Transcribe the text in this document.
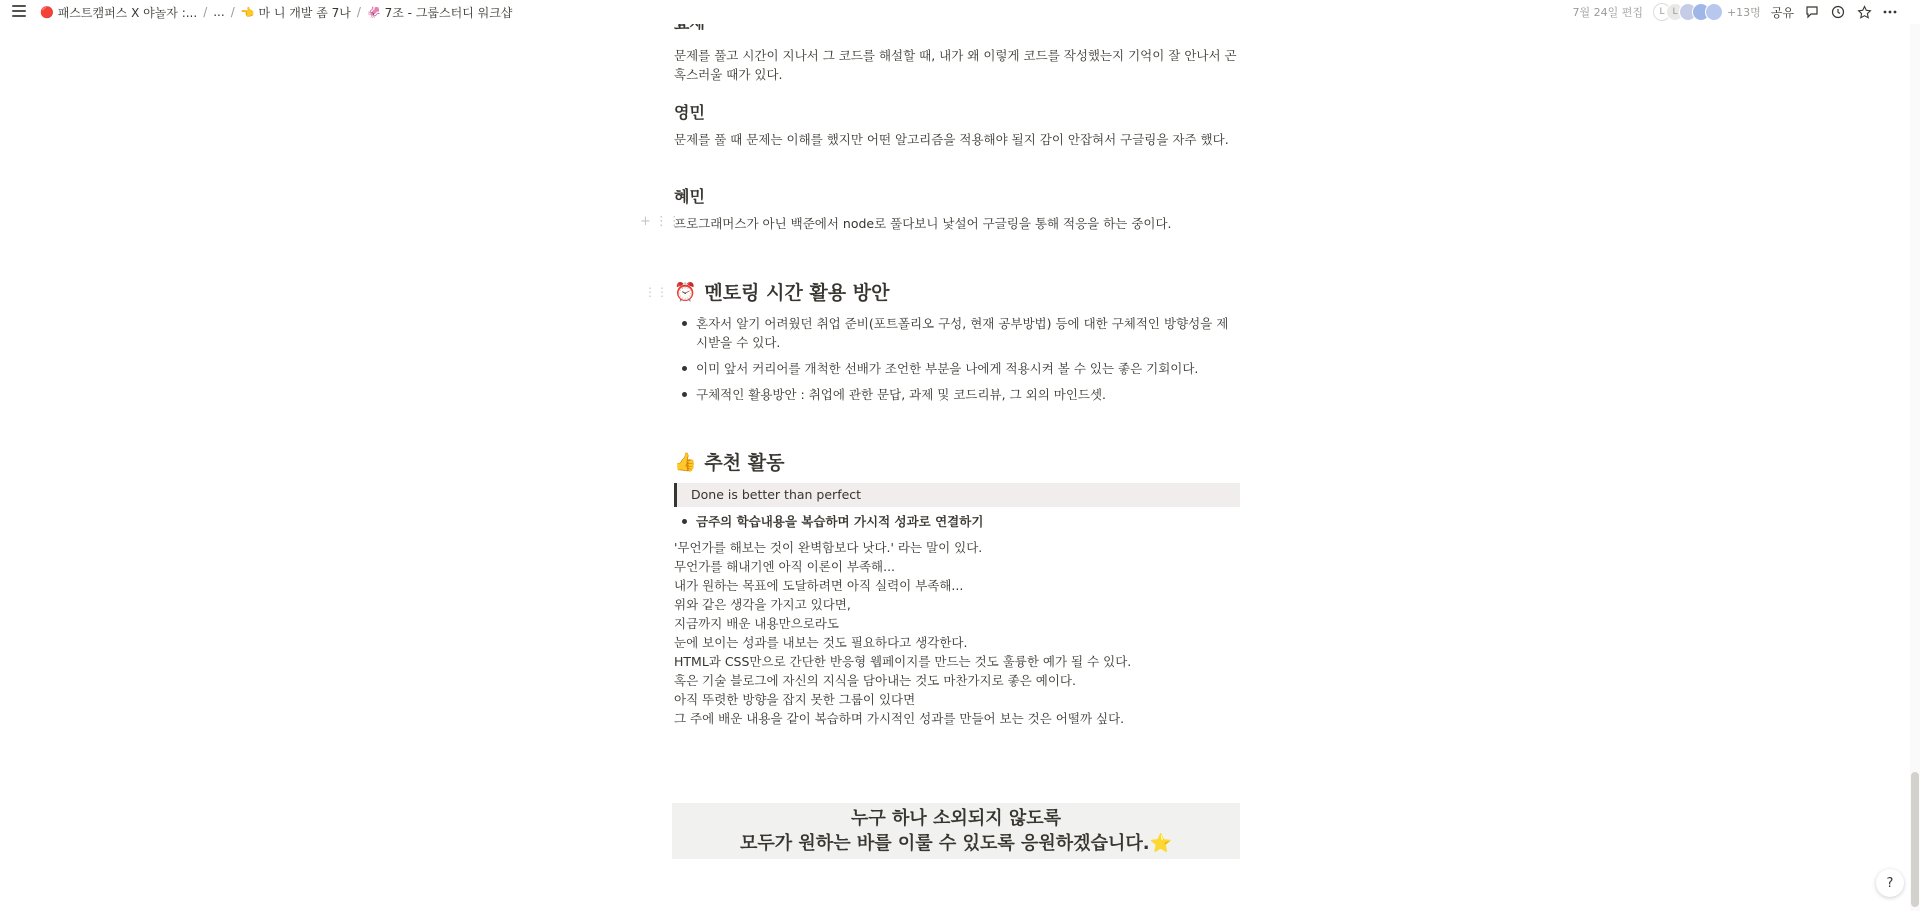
🔴 패스트캠퍼스 X 야놀자 :... / ... / 👈 마 니 개발 좀 7나 / 🦑 7조 - 그룹스터디 워크샵	7월 24일 편집	L L	+13명 공유
+ ⋮⋮
⋮⋮
문제를 풀고 시간이 지나서 그 코드를 해설할 때, 내가 왜 이렇게 코드를 작성했는지 기억이 잘 안나서 곤혹스러울 때가 있다.
영민
문제를 풀 때 문제는 이해를 했지만 어떤 알고리즘을 적용해야 될지 감이 안잡혀서 구글링을 자주 했다.
혜민
프로그래머스가 아닌 백준에서 node로 풀다보니 낯설어 구글링을 통해 적응을 하는 중이다.
⏰ 멘토링 시간 활용 방안
혼자서 알기 어려웠던 취업 준비(포트폴리오 구성, 현재 공부방법) 등에 대한 구체적인 방향성을 제시받을 수 있다.
이미 앞서 커리어를 개척한 선배가 조언한 부분을 나에게 적용시켜 볼 수 있는 좋은 기회이다.
구체적인 활용방안 : 취업에 관한 문답, 과제 및 코드리뷰, 그 외의 마인드셋.
👍 추천 활동
Done is better than perfect
금주의 학습내용을 복습하며 가시적 성과로 연결하기
'무언가를 해보는 것이 완벽함보다 낫다.' 라는 말이 있다.
무언가를 해내기엔 아직 이론이 부족해...
내가 원하는 목표에 도달하려면 아직 실력이 부족해...
위와 같은 생각을 가지고 있다면,
지금까지 배운 내용만으로라도
눈에 보이는 성과를 내보는 것도 필요하다고 생각한다.
HTML과 CSS만으로 간단한 반응형 웹페이지를 만드는 것도 훌륭한 예가 될 수 있다.
혹은 기술 블로그에 자신의 지식을 담아내는 것도 마찬가지로 좋은 예이다.
아직 뚜렷한 방향을 잡지 못한 그룹이 있다면
그 주에 배운 내용을 같이 복습하며 가시적인 성과를 만들어 보는 것은 어떨까 싶다.
누구 하나 소외되지 않도록
모두가 원하는 바를 이룰 수 있도록 응원하겠습니다.⭐
?
